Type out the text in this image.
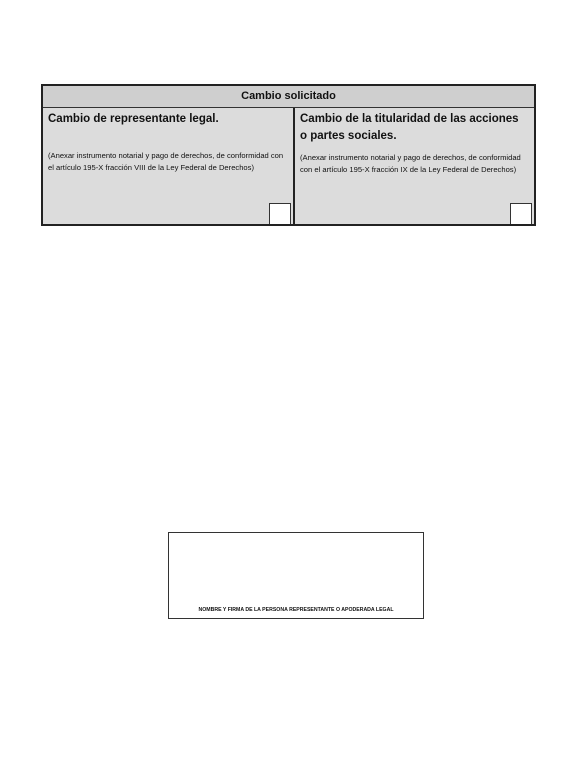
Cambio solicitado

Cambio de representante legal.

(Anexar instrumento notarial y pago de derechos, de conformidad con el artículo 195-X fracción VIII de la Ley Federal de Derechos)

Cambio de la titularidad de las acciones o partes sociales.

(Anexar instrumento notarial y pago de derechos, de conformidad con el artículo 195-X fracción IX de la Ley Federal de Derechos)

NOMBRE Y FIRMA DE LA PERSONA REPRESENTANTE O APODERADA LEGAL
